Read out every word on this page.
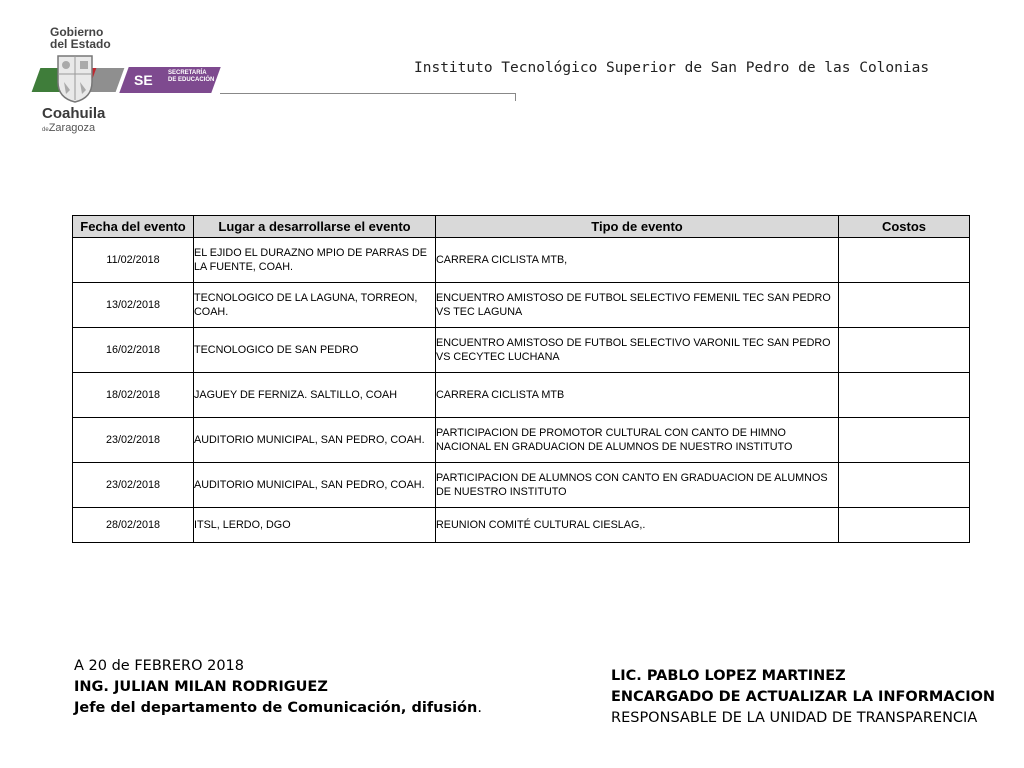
Gobierno
del Estado
SE	SECRETARÍA
DE EDUCACIÓN
Coahuila
deZaragoza
Instituto Tecnológico Superior de San Pedro de las Colonias
Fecha del evento	Lugar a desarrollarse el evento	Tipo de evento	Costos
11/02/2018	EL EJIDO EL DURAZNO MPIO DE PARRAS DE LA FUENTE, COAH.	CARRERA CICLISTA MTB,	
13/02/2018	TECNOLOGICO DE LA LAGUNA, TORREON, COAH.	ENCUENTRO AMISTOSO DE FUTBOL SELECTIVO FEMENIL TEC SAN PEDRO VS TEC LAGUNA	
16/02/2018	TECNOLOGICO DE SAN PEDRO	ENCUENTRO AMISTOSO DE FUTBOL SELECTIVO VARONIL TEC SAN PEDRO VS CECYTEC LUCHANA	
18/02/2018	JAGUEY DE FERNIZA. SALTILLO, COAH	CARRERA CICLISTA MTB	
23/02/2018	AUDITORIO MUNICIPAL, SAN PEDRO, COAH.	PARTICIPACION DE PROMOTOR CULTURAL CON CANTO DE HIMNO NACIONAL EN GRADUACION DE ALUMNOS DE NUESTRO INSTITUTO	
23/02/2018	AUDITORIO MUNICIPAL, SAN PEDRO, COAH.	PARTICIPACION DE ALUMNOS CON CANTO EN GRADUACION DE ALUMNOS DE NUESTRO INSTITUTO	
28/02/2018	ITSL, LERDO, DGO	REUNION COMITÉ CULTURAL CIESLAG,.	
A 20 de FEBRERO 2018
ING. JULIAN MILAN RODRIGUEZ
Jefe del departamento de Comunicación, difusión.
LIC. PABLO LOPEZ MARTINEZ
ENCARGADO DE ACTUALIZAR LA INFORMACION
RESPONSABLE DE LA UNIDAD DE TRANSPARENCIA
